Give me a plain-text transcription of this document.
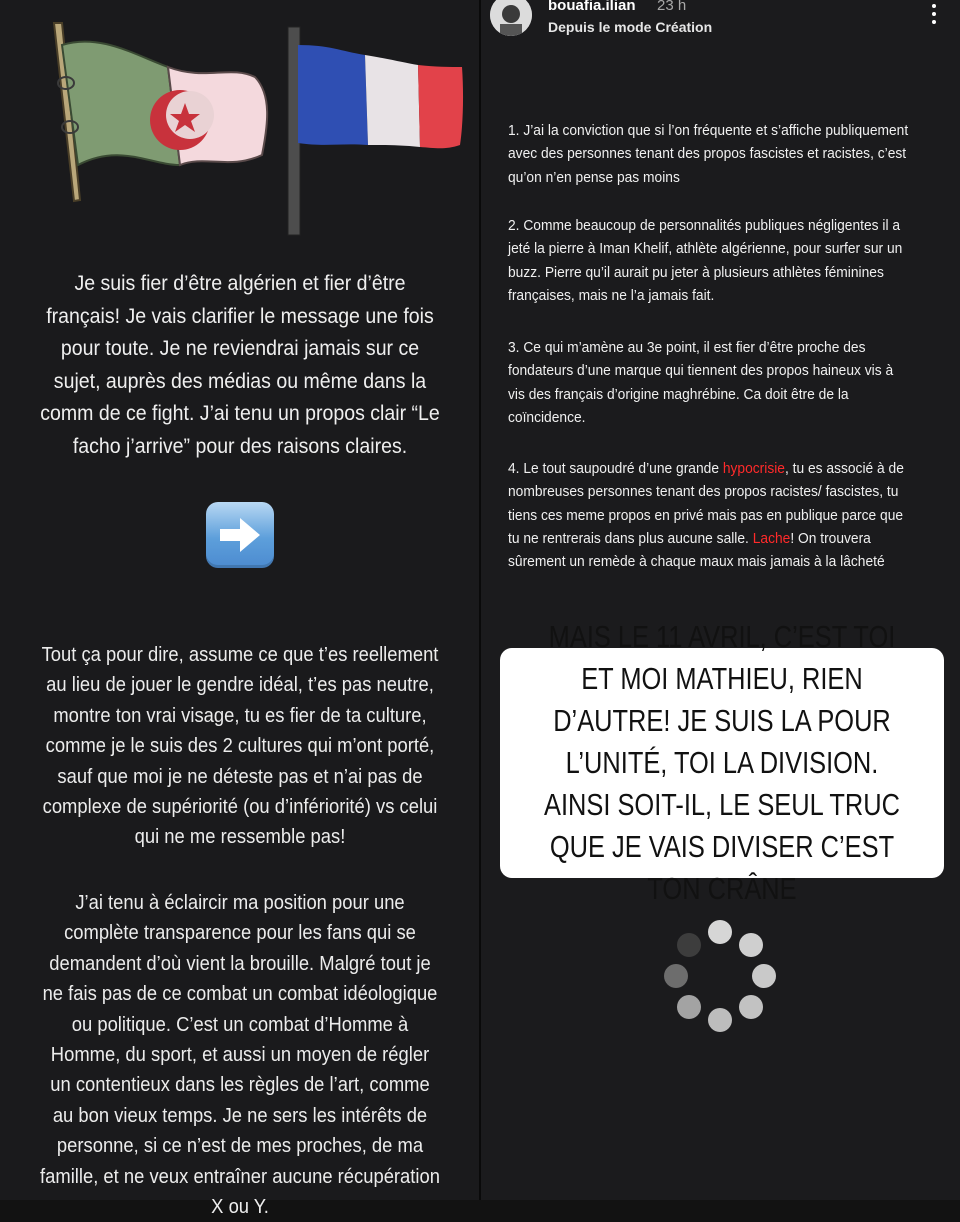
Je suis fier d’être algérien et fier d’être français! Je vais clarifier le message une fois pour toute. Je ne reviendrai jamais sur ce sujet, auprès des médias ou même dans la comm de ce fight. J’ai tenu un propos clair “Le facho j’arrive” pour des raisons claires.

Tout ça pour dire, assume ce que t’es reellement au lieu de jouer le gendre idéal, t’es pas neutre, montre ton vrai visage, tu es fier de ta culture, comme je le suis des 2 cultures qui m’ont porté, sauf que moi je ne déteste pas et n’ai pas de complexe de supériorité (ou d’infériorité) vs celui qui ne me ressemble pas!

J’ai tenu à éclaircir ma position pour une complète transparence pour les fans qui se demandent d’où vient la brouille. Malgré tout je ne fais pas de ce combat un combat idéologique ou politique. C’est un combat d’Homme à Homme, du sport, et aussi un moyen de régler un contentieux dans les règles de l’art, comme au bon vieux temps. Je ne sers les intérêts de personne, si ce n’est de mes proches, de ma famille, et ne veux entraîner aucune récupération X ou Y.

bouafia.ilian 23 h
Depuis le mode Création

1. J’ai la conviction que si l’on fréquente et s’affiche publiquement avec des personnes tenant des propos fascistes et racistes, c’est qu’on n’en pense pas moins

2. Comme beaucoup de personnalités publiques négligentes il a jeté la pierre à Iman Khelif, athlète algérienne, pour surfer sur un buzz. Pierre qu’il aurait pu jeter à plusieurs athlètes féminines françaises, mais ne l’a jamais fait.

3. Ce qui m’amène au 3e point, il est fier d’être proche des fondateurs d’une marque qui tiennent des propos haineux vis à vis des français d’origine maghrébine. Ca doit être de la coïncidence.

4. Le tout saupoudré d’une grande hypocrisie, tu es associé à de nombreuses personnes tenant des propos racistes/ fascistes, tu tiens ces meme propos en privé mais pas en publique parce que tu ne rentrerais dans plus aucune salle. Lache! On trouvera sûrement un remède à chaque maux mais jamais à la lâcheté

MAIS LE 11 AVRIL, C’EST TOI ET MOI MATHIEU, RIEN D’AUTRE! JE SUIS LA POUR L’UNITÉ, TOI LA DIVISION. AINSI SOIT-IL, LE SEUL TRUC QUE JE VAIS DIVISER C’EST TON CRÂNE
